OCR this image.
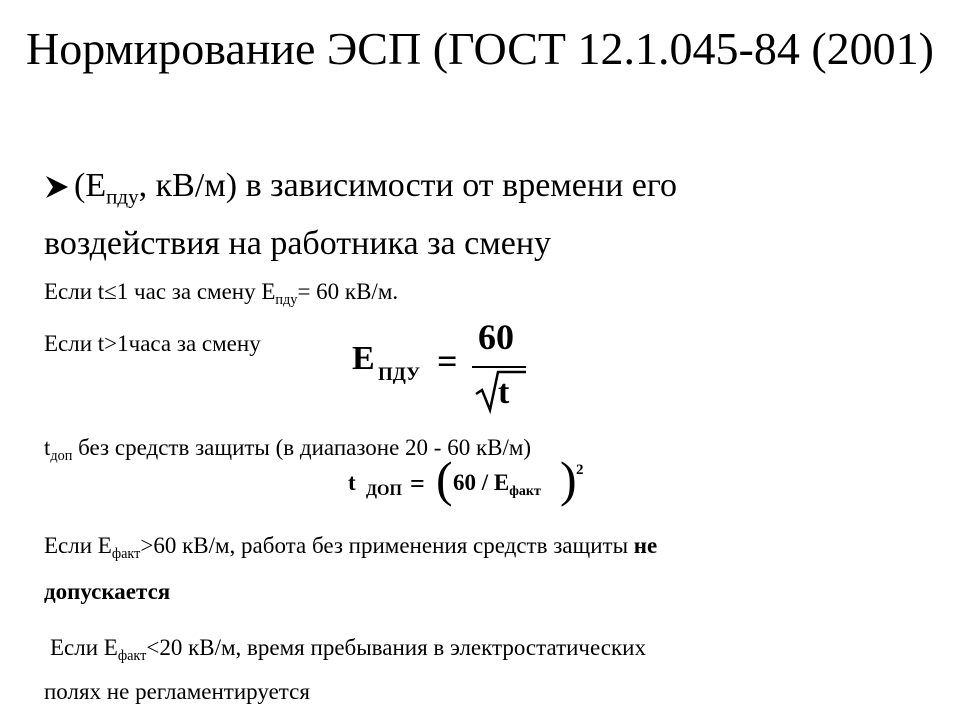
Нормирование ЭСП (ГОСТ 12.1.045-84 (2001)
($Е_{пду}$, кВ/м) в зависимости от времени его
воздействия на работника за смену
Если t≤1 час за смену $Е_{пду}= 60$ кВ/м.
Если t>1часа за смену	Е ПДУ =
60
t
$t_{доп}$ без средств защиты (в диапазоне 20 - 60 кВ/м)
t ДОП = ( $60 / Е_{факт}$ ) 2
Если $Е_{факт}>60$ кВ/м, работа без применения средств защиты не
допускается
Если $Е_{факт}<20$ кВ/м, время пребывания в электростатических
полях не регламентируется
